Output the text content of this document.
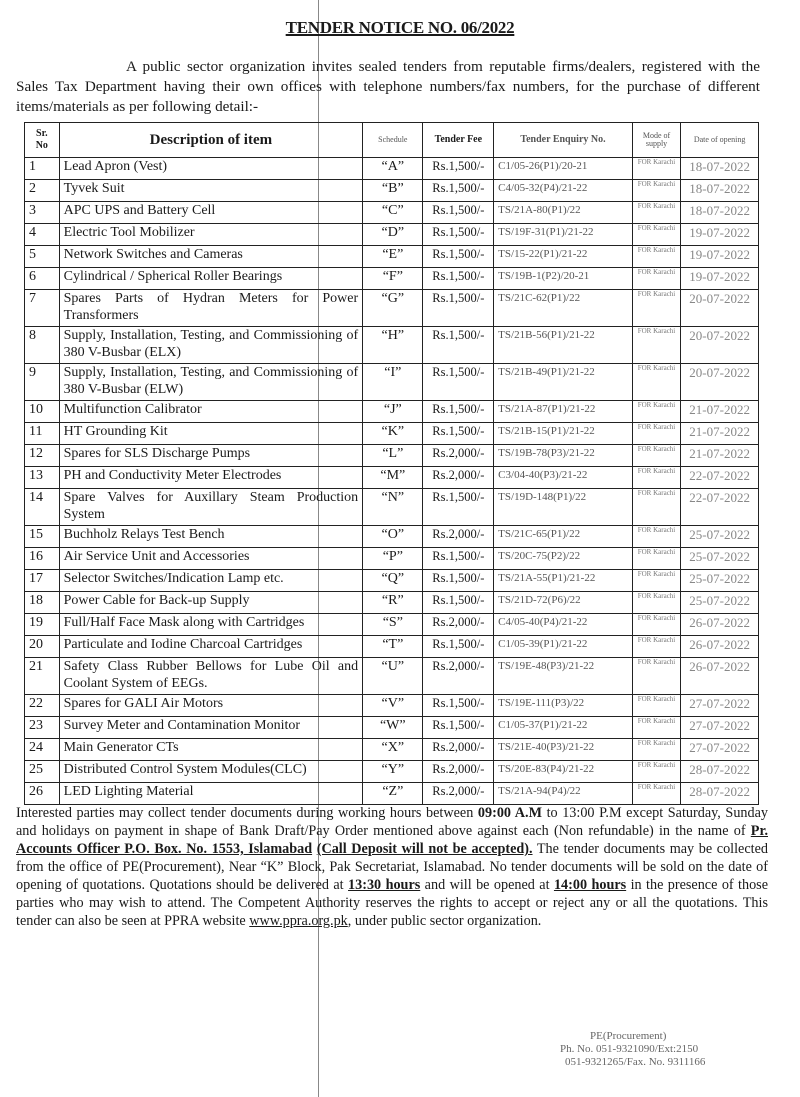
TENDER NOTICE NO. 06/2022
A public sector organization invites sealed tenders from reputable firms/dealers, registered with the Sales Tax Department having their own offices with telephone numbers/fax numbers, for the purchase of different items/materials as per following detail:-
Sr. No	Description of item	Schedule	Tender Fee	Tender Enquiry No.	Mode of supply	Date of opening
1	Lead Apron (Vest)	“A”	Rs.1,500/-	C1/05-26(P1)/20-21	FOR Karachi	18-07-2022
2	Tyvek Suit	“B”	Rs.1,500/-	C4/05-32(P4)/21-22	FOR Karachi	18-07-2022
3	APC UPS and Battery Cell	“C”	Rs.1,500/-	TS/21A-80(P1)/22	FOR Karachi	18-07-2022
4	Electric Tool Mobilizer	“D”	Rs.1,500/-	TS/19F-31(P1)/21-22	FOR Karachi	19-07-2022
5	Network Switches and Cameras	“E”	Rs.1,500/-	TS/15-22(P1)/21-22	FOR Karachi	19-07-2022
6	Cylindrical / Spherical Roller Bearings	“F”	Rs.1,500/-	TS/19B-1(P2)/20-21	FOR Karachi	19-07-2022
7	Spares Parts of Hydran Meters for Power Transformers	“G”	Rs.1,500/-	TS/21C-62(P1)/22	FOR Karachi	20-07-2022
8	Supply, Installation, Testing, and Commissioning of 380 V-Busbar (ELX)	“H”	Rs.1,500/-	TS/21B-56(P1)/21-22	FOR Karachi	20-07-2022
9	Supply, Installation, Testing, and Commissioning of 380 V-Busbar (ELW)	“I”	Rs.1,500/-	TS/21B-49(P1)/21-22	FOR Karachi	20-07-2022
10	Multifunction Calibrator	“J”	Rs.1,500/-	TS/21A-87(P1)/21-22	FOR Karachi	21-07-2022
11	HT Grounding Kit	“K”	Rs.1,500/-	TS/21B-15(P1)/21-22	FOR Karachi	21-07-2022
12	Spares for SLS Discharge Pumps	“L”	Rs.2,000/-	TS/19B-78(P3)/21-22	FOR Karachi	21-07-2022
13	PH and Conductivity Meter Electrodes	“M”	Rs.2,000/-	C3/04-40(P3)/21-22	FOR Karachi	22-07-2022
14	Spare Valves for Auxillary Steam Production System	“N”	Rs.1,500/-	TS/19D-148(P1)/22	FOR Karachi	22-07-2022
15	Buchholz Relays Test Bench	“O”	Rs.2,000/-	TS/21C-65(P1)/22	FOR Karachi	25-07-2022
16	Air Service Unit and Accessories	“P”	Rs.1,500/-	TS/20C-75(P2)/22	FOR Karachi	25-07-2022
17	Selector Switches/Indication Lamp etc.	“Q”	Rs.1,500/-	TS/21A-55(P1)/21-22	FOR Karachi	25-07-2022
18	Power Cable for Back-up Supply	“R”	Rs.1,500/-	TS/21D-72(P6)/22	FOR Karachi	25-07-2022
19	Full/Half Face Mask along with Cartridges	“S”	Rs.2,000/-	C4/05-40(P4)/21-22	FOR Karachi	26-07-2022
20	Particulate and Iodine Charcoal Cartridges	“T”	Rs.1,500/-	C1/05-39(P1)/21-22	FOR Karachi	26-07-2022
21	Safety Class Rubber Bellows for Lube Oil and Coolant System of EEGs.	“U”	Rs.2,000/-	TS/19E-48(P3)/21-22	FOR Karachi	26-07-2022
22	Spares for GALI Air Motors	“V”	Rs.1,500/-	TS/19E-111(P3)/22	FOR Karachi	27-07-2022
23	Survey Meter and Contamination Monitor	“W”	Rs.1,500/-	C1/05-37(P1)/21-22	FOR Karachi	27-07-2022
24	Main Generator CTs	“X”	Rs.2,000/-	TS/21E-40(P3)/21-22	FOR Karachi	27-07-2022
25	Distributed Control System Modules(CLC)	“Y”	Rs.2,000/-	TS/20E-83(P4)/21-22	FOR Karachi	28-07-2022
26	LED Lighting Material	“Z”	Rs.2,000/-	TS/21A-94(P4)/22	FOR Karachi	28-07-2022
Interested parties may collect tender documents during working hours between 09:00 A.M to 13:00 P.M except Saturday, Sunday and holidays on payment in shape of Bank Draft/Pay Order mentioned above against each (Non refundable) in the name of Pr. Accounts Officer P.O. Box. No. 1553, Islamabad (Call Deposit will not be accepted). The tender documents may be collected from the office of PE(Procurement), Near “K” Block, Pak Secretariat, Islamabad. No tender documents will be sold on the date of opening of quotations. Quotations should be delivered at 13:30 hours and will be opened at 14:00 hours in the presence of those parties who may wish to attend. The Competent Authority reserves the rights to accept or reject any or all the quotations. This tender can also be seen at PPRA website www.ppra.org.pk, under public sector organization.
PE(Procurement)
Ph. No. 051-9321090/Ext:2150
051-9321265/Fax. No. 9311166
